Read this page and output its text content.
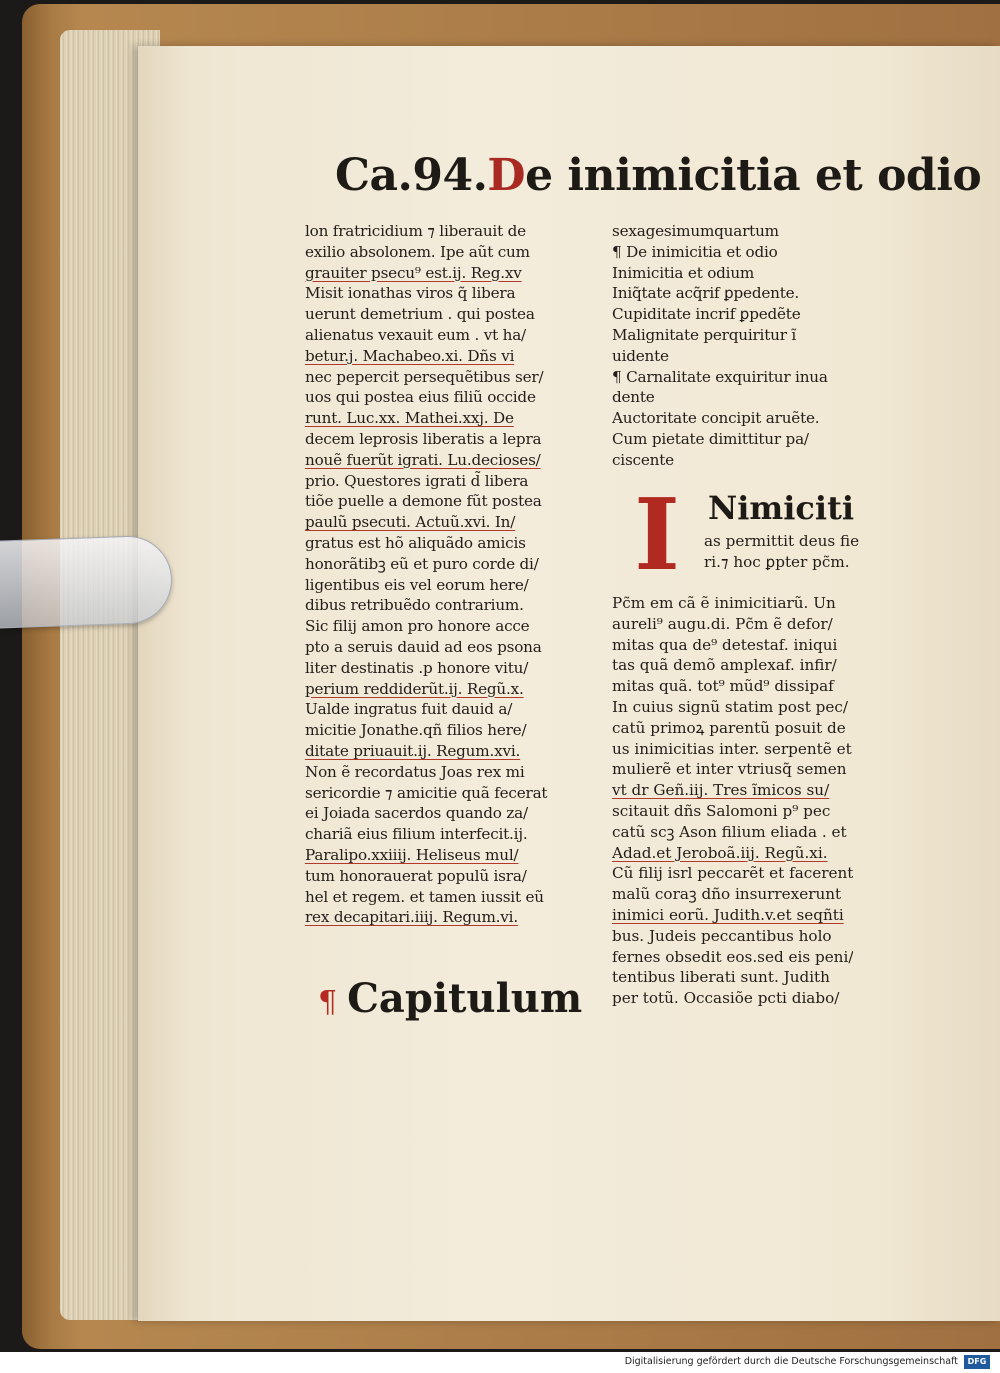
Ca.94.De inimicitia et odio
lon fratricidium ⁊ liberauit de
exilio absolonem. Ipe aũt cum
grauiter psecu⁹ est.ij. Reg.xv
Misit ionathas viros q̃ libera
uerunt demetrium . qui postea
alienatus vexauit eum . vt ha/
betur.j. Machabeo.xi. Dñs vi
nec pepercit persequẽtibus ser/
uos qui postea eius filiũ occide
runt. Luc.xx. Mathei.xxj. De
decem leprosis liberatis a lepra
nouẽ fuerũt igrati. Lu.decioses/
prio. Questores igrati d̃ libera
tiõe puelle a demone fũt postea
paulũ psecuti. Actuũ.xvi. In/
gratus est hõ aliquãdo amicis
honorãtibꝫ eũ et puro corde di/
ligentibus eis vel eorum here/
dibus retribuẽdo contrarium.
Sic filij amon pro honore acce
pto a seruis dauid ad eos psona
liter destinatis .p honore vitu/
perium reddiderũt.ij. Regũ.x.
Ualde ingratus fuit dauid a/
micitie Jonathe.qñ filios here/
ditate priuauit.ij. Regum.xvi.
Non ẽ recordatus Joas rex mi
sericordie ⁊ amicitie quã fecerat
ei Joiada sacerdos quando za/
chariã eius filium interfecit.ij.
Paralipo.xxiiij. Heliseus mul/
tum honorauerat populũ isra/
hel et regem. et tamen iussit eũ
rex decapitari.iiij. Regum.vi.
¶ Capitulum
sexagesimumquartum
¶ De inimicitia et odio
Inimicitia et odium
Iniq̃tate acq̃rif ꝑpedente.
Cupiditate incrif ꝑpedẽte
Malignitate perquiritur ĩ
uidente
¶ Carnalitate exquiritur inua
dente
Auctoritate concipit aruẽte.
Cum pietate dimittitur pa/
ciscente
I Nimiciti
as permittit deus fie
ri.⁊ hoc ꝑpter pc̃m.
Pc̃m em cã ẽ inimicitiarũ. Un
aureli⁹ augu.di. Pc̃m ẽ defor/
mitas qua de⁹ detestaf. iniqui
tas quã demõ amplexaf. infir/
mitas quã. tot⁹ mũd⁹ dissipaf
In cuius signũ statim post pec/
catũ primoꝝ parentũ posuit de
us inimicitias inter. serpentẽ et
mulierẽ et inter vtriusq̃ semen
vt dr Geñ.iij. Tres ĩmicos su/
scitauit dñs Salomoni p⁹ pec
catũ scꝫ Ason filium eliada . et
Adad.et Jeroboã.iij. Regũ.xi.
Cũ filij isrl peccarẽt et facerent
malũ coraꝫ dño insurrexerunt
inimici eorũ. Judith.v.et seqñti
bus. Judeis peccantibus holo
fernes obsedit eos.sed eis peni/
tentibus liberati sunt. Judith
per totũ. Occasiõe pcti diabo/
Digitalisierung gefördert durch die Deutsche Forschungsgemeinschaft	DFG
